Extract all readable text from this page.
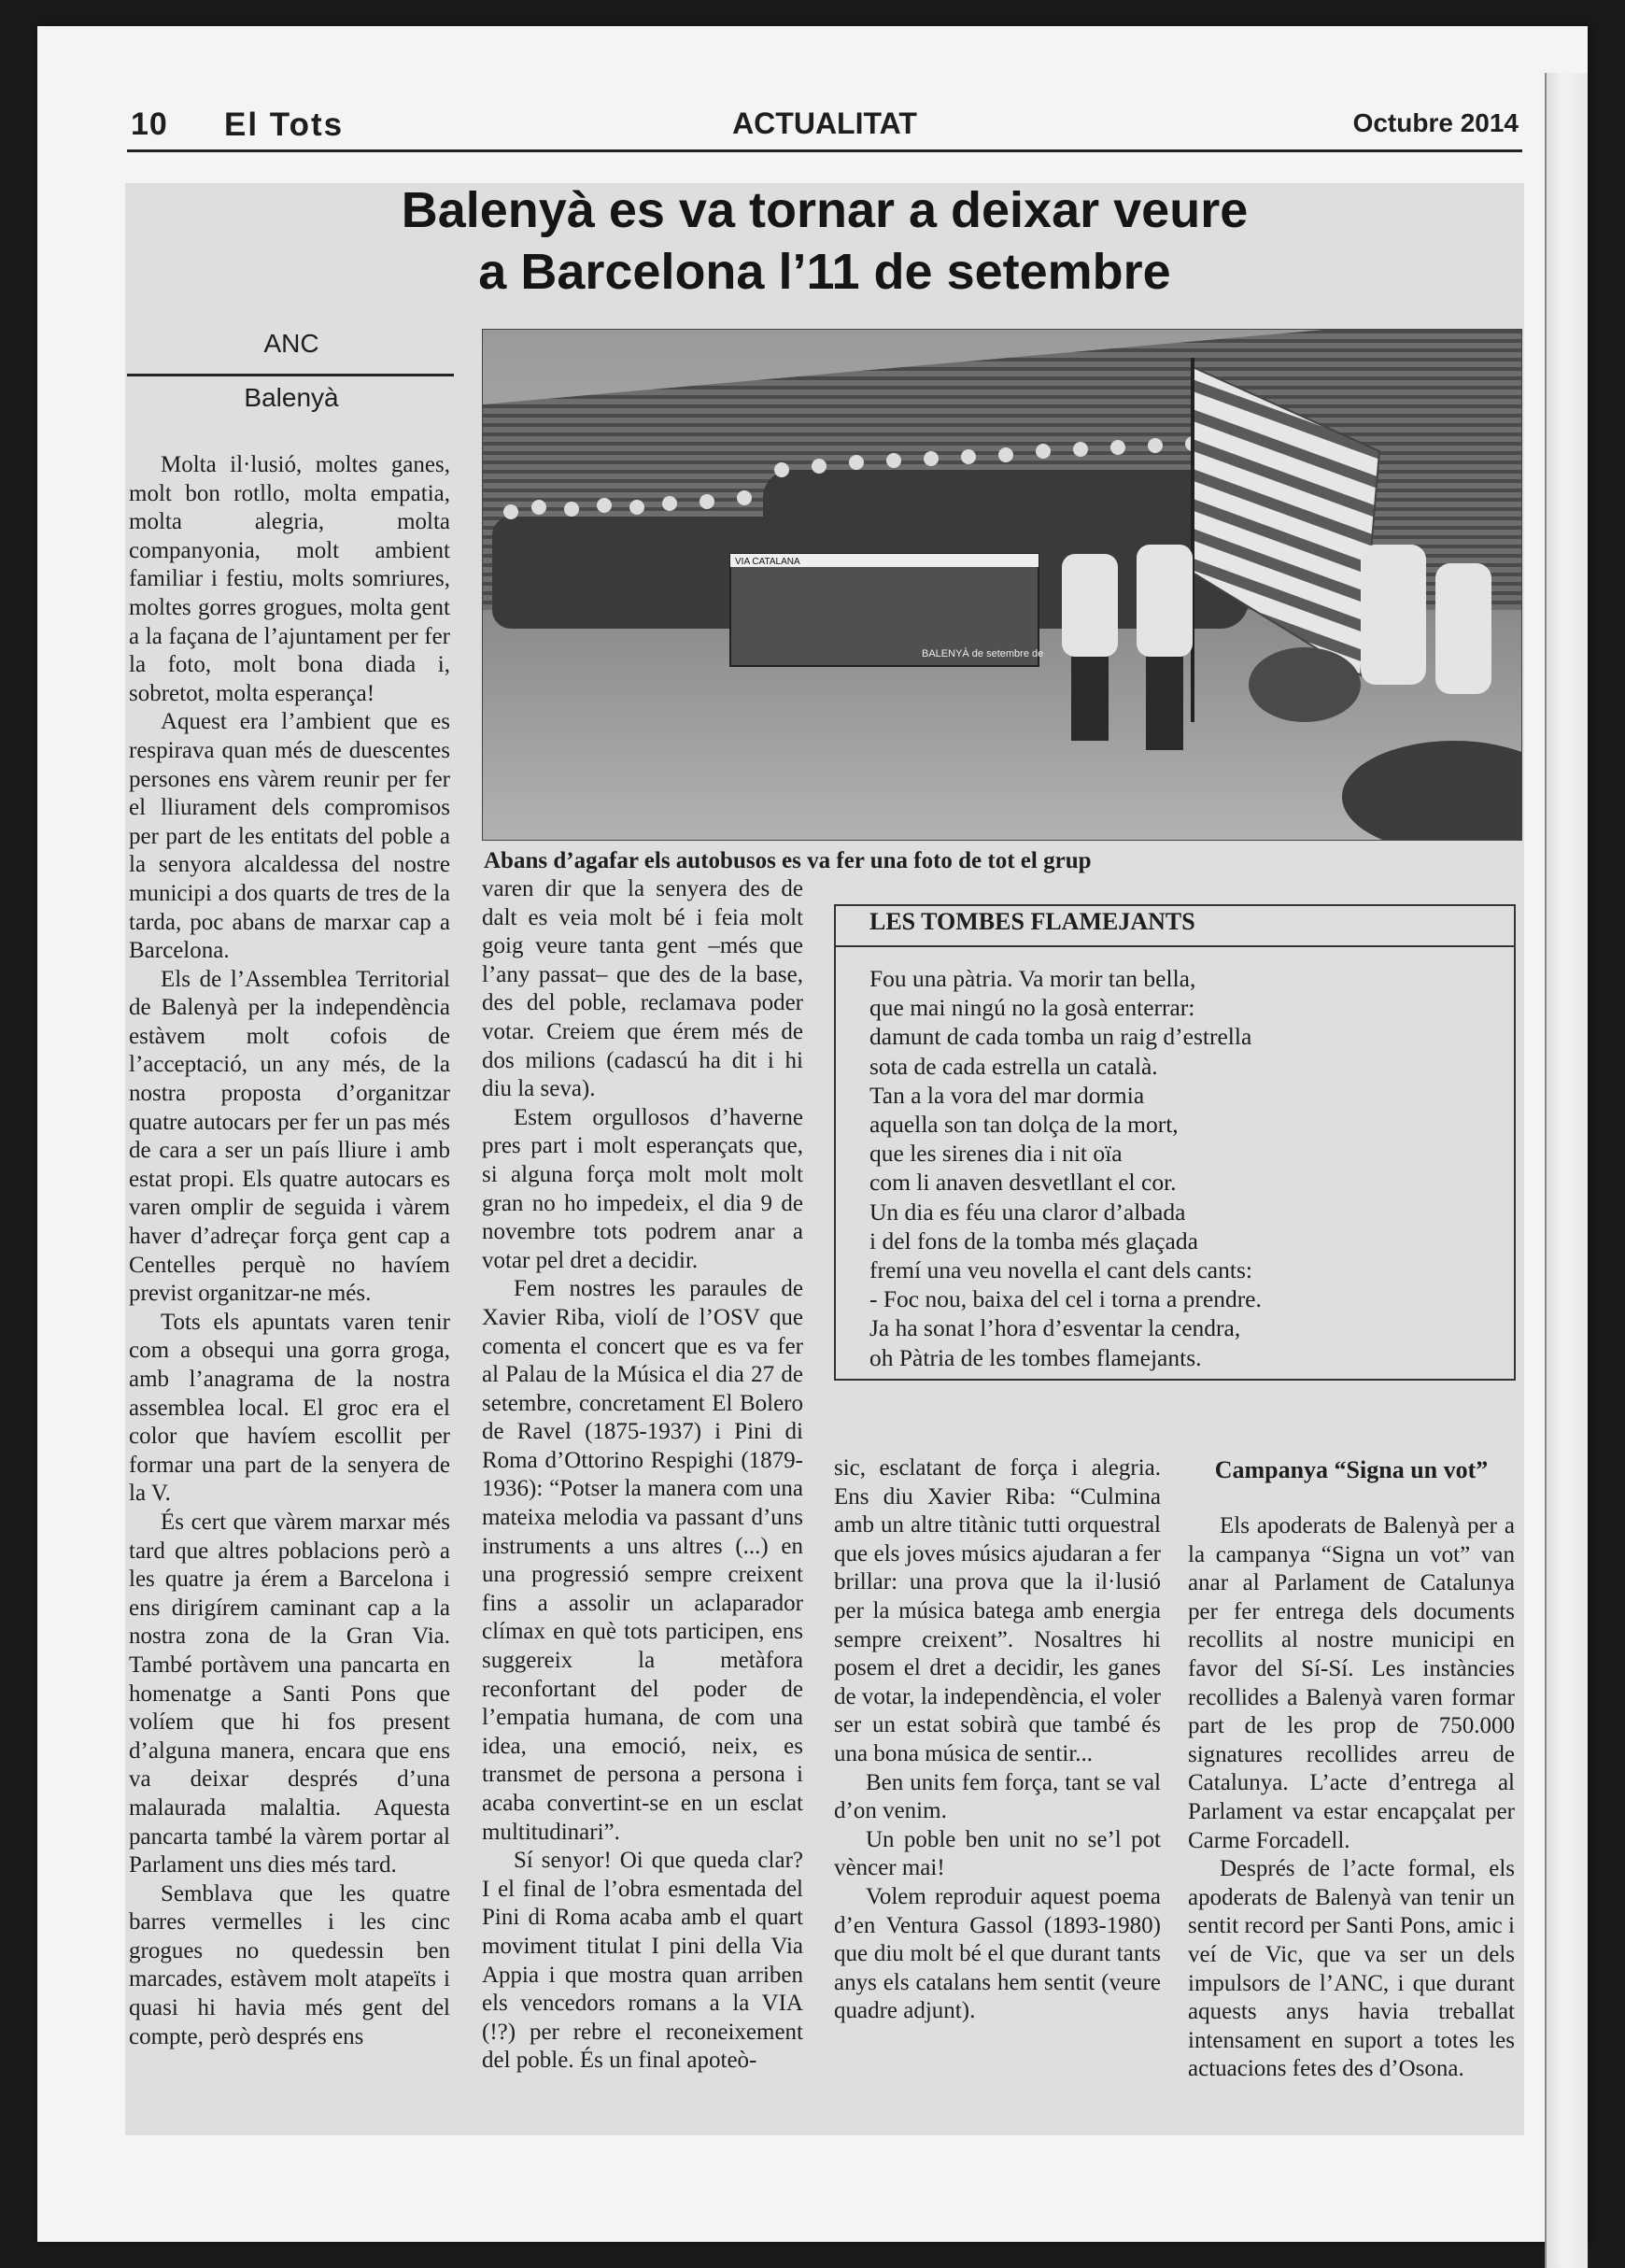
10 El Tots	ACTUALITAT	Octubre 2014
Balenyà es va tornar a deixar veure
a Barcelona l’11 de setembre
ANC
Balenyà

Molta il·lusió, moltes ganes, molt bon rotllo, molta empatia, molta alegria, molta companyonia, molt ambient familiar i festiu, molts somriures, moltes gorres grogues, molta gent a la façana de l’ajuntament per fer la foto, molt bona diada i, sobretot, molta esperança!

Aquest era l’ambient que es respirava quan més de duescentes persones ens vàrem reunir per fer el lliurament dels compromisos per part de les entitats del poble a la senyora alcaldessa del nostre municipi a dos quarts de tres de la tarda, poc abans de marxar cap a Barcelona.

Els de l’Assemblea Territorial de Balenyà per la independència estàvem molt cofois de l’acceptació, un any més, de la nostra proposta d’organitzar quatre autocars per fer un pas més de cara a ser un país lliure i amb estat propi. Els quatre autocars es varen omplir de seguida i vàrem haver d’adreçar força gent cap a Centelles perquè no havíem previst organitzar-ne més.

Tots els apuntats varen tenir com a obsequi una gorra groga, amb l’anagrama de la nostra assemblea local. El groc era el color que havíem escollit per formar una part de la senyera de la V.

És cert que vàrem marxar més tard que altres poblacions però a les quatre ja érem a Barcelona i ens dirigírem caminant cap a la nostra zona de la Gran Via. També portàvem una pancarta en homenatge a Santi Pons que volíem que hi fos present d’alguna manera, encara que ens va deixar després d’una malaurada malaltia. Aquesta pancarta també la vàrem portar al Parlament uns dies més tard.

Semblava que les quatre barres vermelles i les cinc grogues no quedessin ben marcades, estàvem molt atapeïts i quasi hi havia més gent del compte, però després ens

VIA CATALANA
BALENYÀ de setembre de
Abans d’agafar els autobusos es va fer una foto de tot el grup

varen dir que la senyera des de dalt es veia molt bé i feia molt goig veure tanta gent –més que l’any passat– que des de la base, des del poble, reclamava poder votar. Creiem que érem més de dos milions (cadascú ha dit i hi diu la seva).

Estem orgullosos d’haverne pres part i molt esperançats que, si alguna força molt molt molt gran no ho impedeix, el dia 9 de novembre tots podrem anar a votar pel dret a decidir.

Fem nostres les paraules de Xavier Riba, violí de l’OSV que comenta el concert que es va fer al Palau de la Música el dia 27 de setembre, concretament El Bolero de Ravel (1875-1937) i Pini di Roma d’Ottorino Respighi (1879-1936): “Potser la manera com una mateixa melodia va passant d’uns instruments a uns altres (...) en una progressió sempre creixent fins a assolir un aclaparador clímax en què tots participen, ens suggereix la metàfora reconfortant del poder de l’empatia humana, de com una idea, una emoció, neix, es transmet de persona a persona i acaba convertint-se en un esclat multitudinari”.

Sí senyor! Oi que queda clar? I el final de l’obra esmentada del Pini di Roma acaba amb el quart moviment titulat I pini della Via Appia i que mostra quan arriben els vencedors romans a la VIA (!?) per rebre el reconeixement del poble. És un final apoteò-

LES TOMBES FLAMEJANTS
Fou una pàtria. Va morir tan bella,
que mai ningú no la gosà enterrar:
damunt de cada tomba un raig d’estrella
sota de cada estrella un català.
Tan a la vora del mar dormia
aquella son tan dolça de la mort,
que les sirenes dia i nit oïa
com li anaven desvetllant el cor.
Un dia es féu una claror d’albada
i del fons de la tomba més glaçada
fremí una veu novella el cant dels cants:
- Foc nou, baixa del cel i torna a prendre.
Ja ha sonat l’hora d’esventar la cendra,
oh Pàtria de les tombes flamejants.

sic, esclatant de força i alegria. Ens diu Xavier Riba: “Culmina amb un altre titànic tutti orquestral que els joves músics ajudaran a fer brillar: una prova que la il·lusió per la música batega amb energia sempre creixent”. Nosaltres hi posem el dret a decidir, les ganes de votar, la independència, el voler ser un estat sobirà que també és una bona música de sentir...

Ben units fem força, tant se val d’on venim.

Un poble ben unit no se’l pot vèncer mai!

Volem reproduir aquest poema d’en Ventura Gassol (1893-1980) que diu molt bé el que durant tants anys els catalans hem sentit (veure quadre adjunt).

Campanya “Signa un vot”

Els apoderats de Balenyà per a la campanya “Signa un vot” van anar al Parlament de Catalunya per fer entrega dels documents recollits al nostre municipi en favor del Sí-Sí. Les instàncies recollides a Balenyà varen formar part de les prop de 750.000 signatures recollides arreu de Catalunya. L’acte d’entrega al Parlament va estar encapçalat per Carme Forcadell.

Després de l’acte formal, els apoderats de Balenyà van tenir un sentit record per Santi Pons, amic i veí de Vic, que va ser un dels impulsors de l’ANC, i que durant aquests anys havia treballat intensament en suport a totes les actuacions fetes des d’Osona.
